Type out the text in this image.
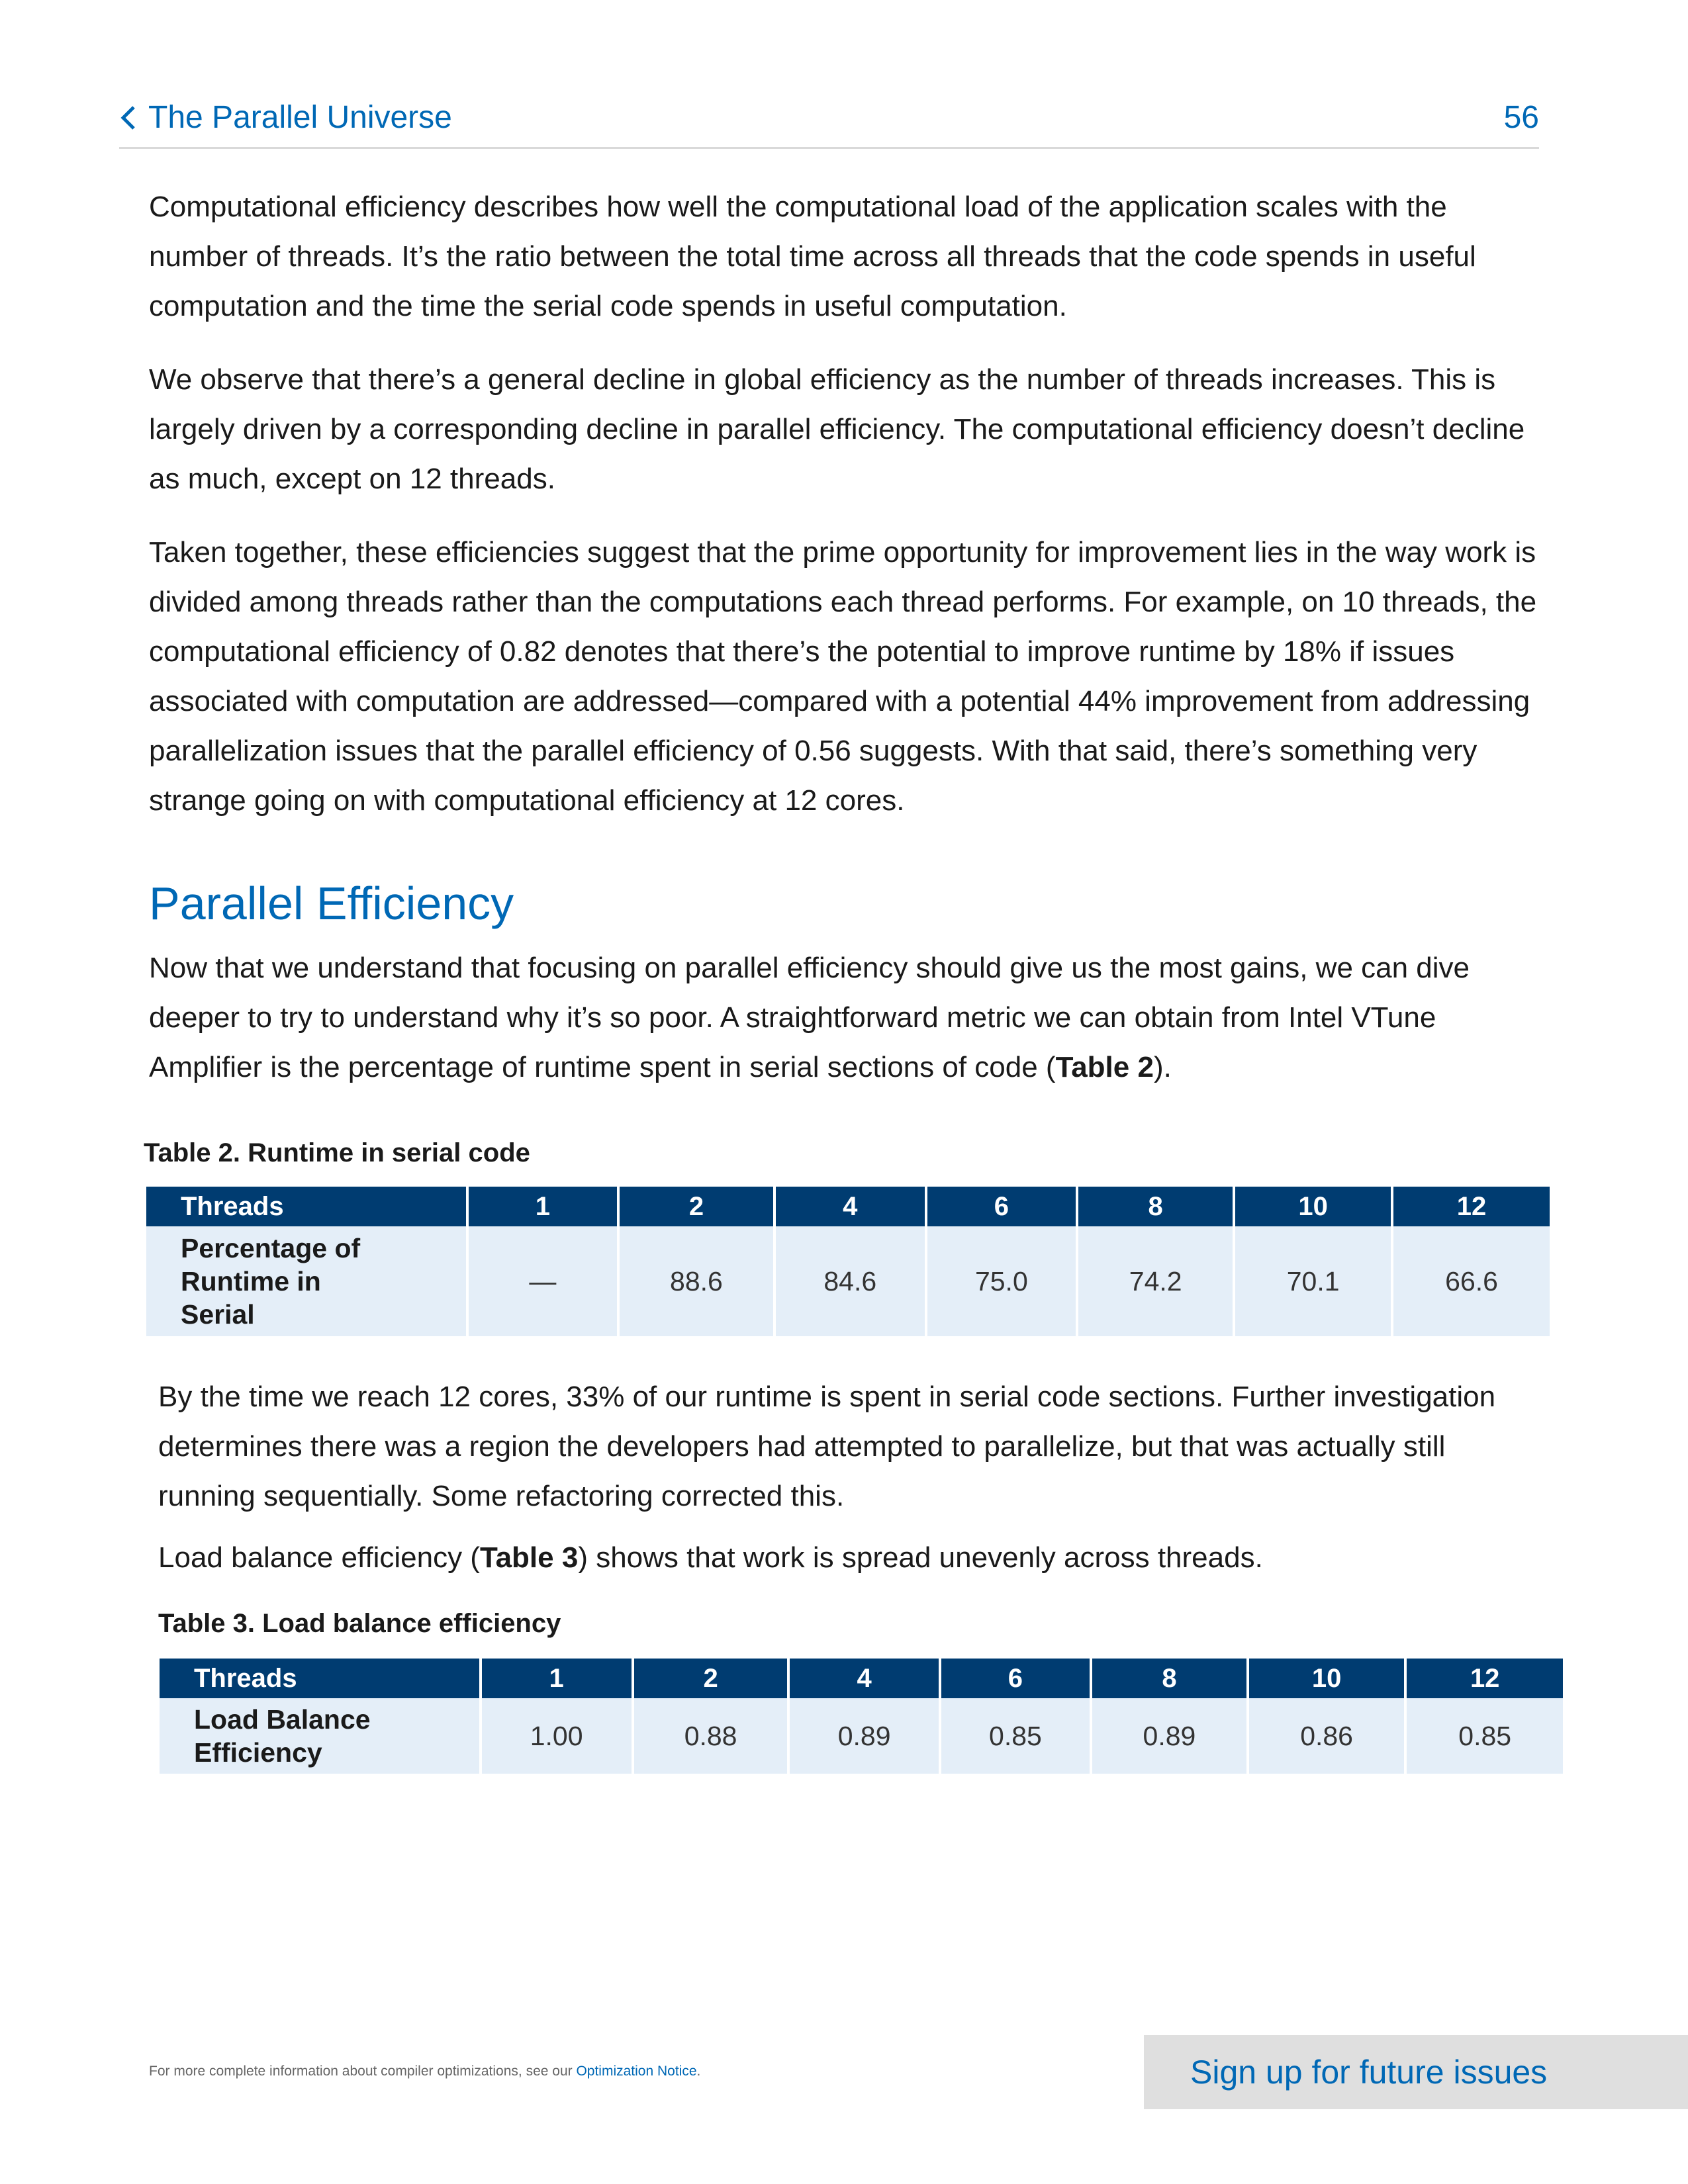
The Parallel Universe	56

Computational efficiency describes how well the computational load of the application scales with the number of threads. It’s the ratio between the total time across all threads that the code spends in useful computation and the time the serial code spends in useful computation.

We observe that there’s a general decline in global efficiency as the number of threads increases. This is largely driven by a corresponding decline in parallel efficiency. The computational efficiency doesn’t decline as much, except on 12 threads.

Taken together, these efficiencies suggest that the prime opportunity for improvement lies in the way work is divided among threads rather than the computations each thread performs. For example, on 10 threads, the computational efficiency of 0.82 denotes that there’s the potential to improve runtime by 18% if issues associated with computation are addressed—compared with a potential 44% improvement from addressing parallelization issues that the parallel efficiency of 0.56 suggests. With that said, there’s something very strange going on with computational efficiency at 12 cores.

Parallel Efficiency

Now that we understand that focusing on parallel efficiency should give us the most gains, we can dive deeper to try to understand why it’s so poor. A straightforward metric we can obtain from Intel VTune Amplifier is the percentage of runtime spent in serial sections of code (Table 2).

Table 2. Runtime in serial code

Threads	1	2	4	6	8	10	12

Percentage of Runtime in Serial	—	88.6	84.6	75.0	74.2	70.1	66.6

By the time we reach 12 cores, 33% of our runtime is spent in serial code sections. Further investigation determines there was a region the developers had attempted to parallelize, but that was actually still running sequentially. Some refactoring corrected this.

Load balance efficiency (Table 3) shows that work is spread unevenly across threads.

Table 3. Load balance efficiency

Threads	1	2	4	6	8	10	12

Load Balance Efficiency	1.00	0.88	0.89	0.85	0.89	0.86	0.85
For more complete information about compiler optimizations, see our Optimization Notice.	Sign up for future issues
